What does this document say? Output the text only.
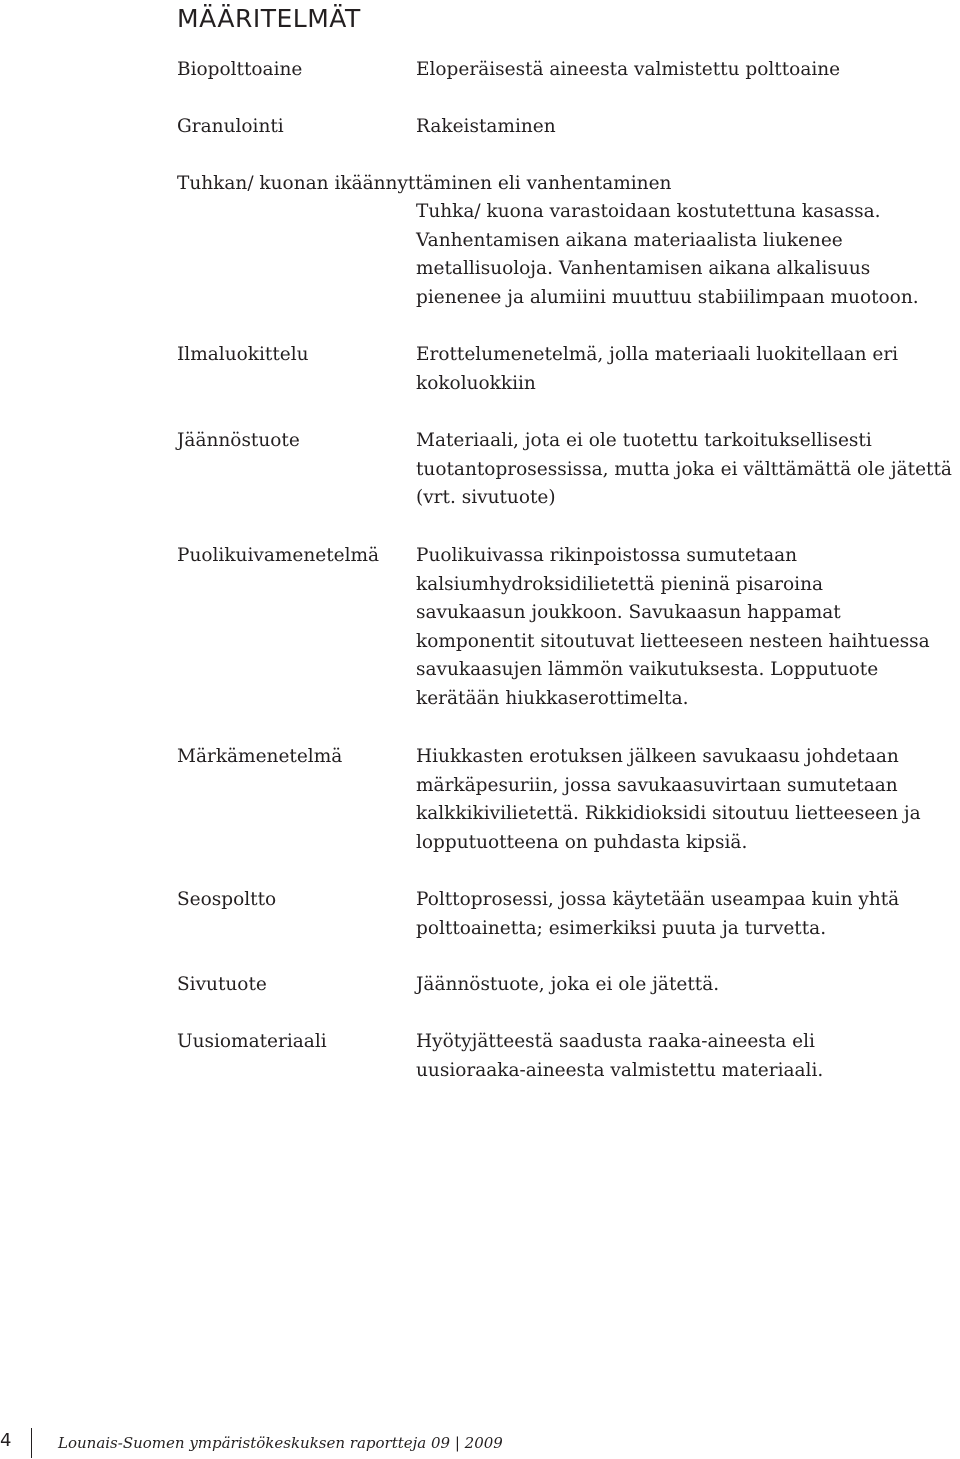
MÄÄRITELMÄT
Biopolttoaine	Eloperäisestä aineesta valmistettu polttoaine
Granulointi	Rakeistaminen
Tuhkan/ kuonan ikäännyttäminen eli vanhentaminen
Tuhka/ kuona varastoidaan kostutettuna kasassa.
Vanhentamisen aikana materiaalista liukenee
metallisuoloja. Vanhentamisen aikana alkalisuus
pienenee ja alumiini muuttuu stabiilimpaan muotoon.
Ilmaluokittelu	Erottelumenetelmä, jolla materiaali luokitellaan eri
kokoluokkiin
Jäännöstuote	Materiaali, jota ei ole tuotettu tarkoituksellisesti
tuotantoprosessissa, mutta joka ei välttämättä ole jätettä
(vrt. sivutuote)
Puolikuivamenetelmä Puolikuivassa rikinpoistossa sumutetaan
kalsiumhydroksidilietettä pieninä pisaroina
savukaasun joukkoon. Savukaasun happamat
komponentit sitoutuvat lietteeseen nesteen haihtuessa
savukaasujen lämmön vaikutuksesta. Lopputuote
kerätään hiukkaserottimelta.
Märkämenetelmä	Hiukkasten erotuksen jälkeen savukaasu johdetaan
märkäpesuriin, jossa savukaasuvirtaan sumutetaan
kalkkikivilietettä. Rikkidioksidi sitoutuu lietteeseen ja
lopputuotteena on puhdasta kipsiä.
Seospoltto	Polttoprosessi, jossa käytetään useampaa kuin yhtä
polttoainetta; esimerkiksi puuta ja turvetta.
Sivutuote	Jäännöstuote, joka ei ole jätettä.
Uusiomateriaali	Hyötyjätteestä saadusta raaka-aineesta eli
uusioraaka-aineesta valmistettu materiaali.
4	Lounais-Suomen ympäristökeskuksen raportteja 09 | 2009
